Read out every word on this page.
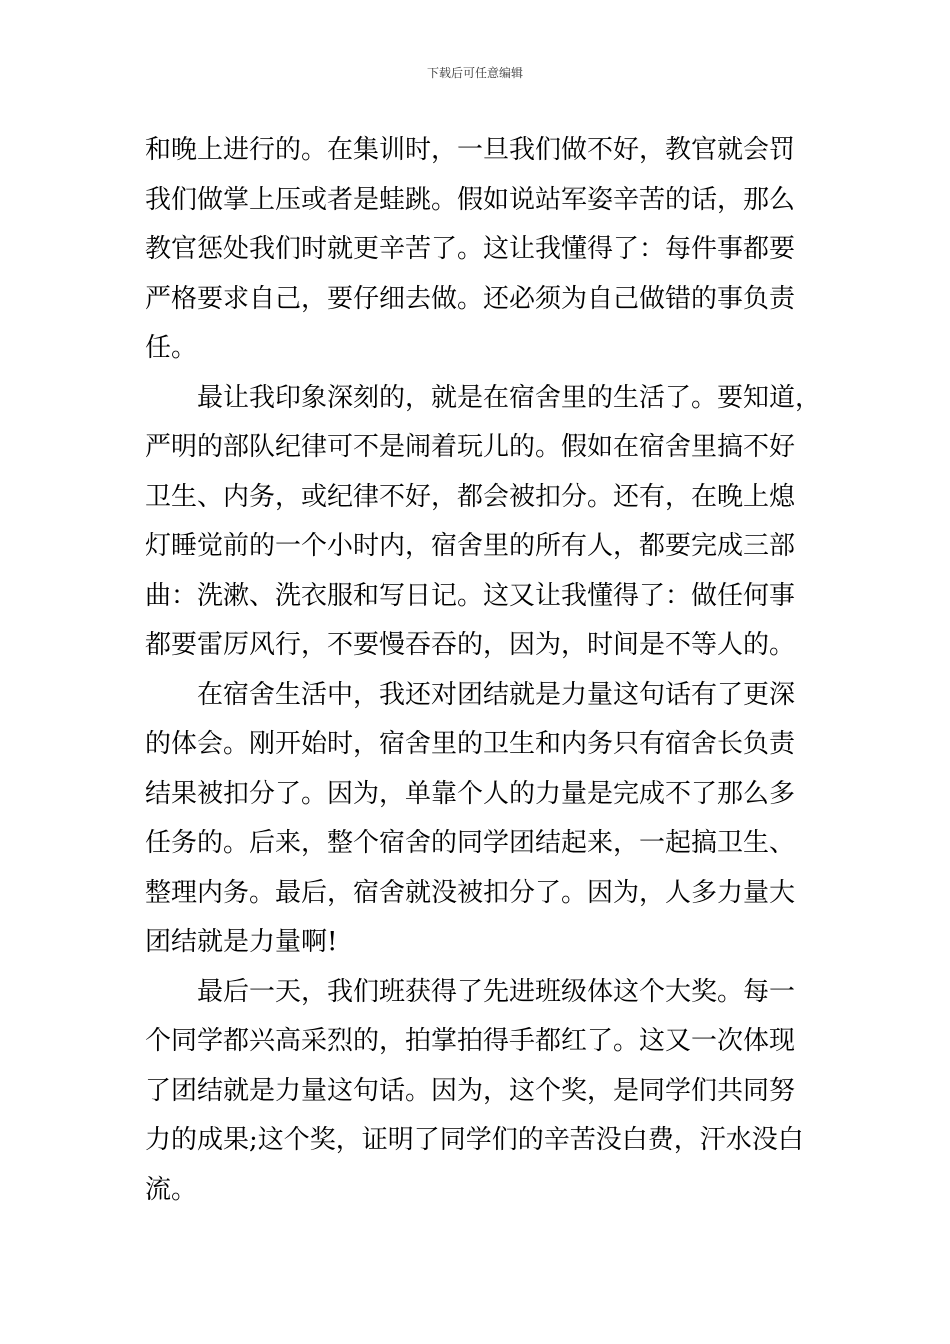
下载后可任意编辑
和晚上进行的。在集训时，一旦我们做不好，教官就会罚
我们做掌上压或者是蛙跳。假如说站军姿辛苦的话，那么
教官惩处我们时就更辛苦了。这让我懂得了：每件事都要
严格要求自己，要仔细去做。还必须为自己做错的事负责
任。
最让我印象深刻的，就是在宿舍里的生活了。要知道，
严明的部队纪律可不是闹着玩儿的。假如在宿舍里搞不好
卫生、内务，或纪律不好，都会被扣分。还有，在晚上熄
灯睡觉前的一个小时内，宿舍里的所有人，都要完成三部
曲：洗漱、洗衣服和写日记。这又让我懂得了：做任何事
都要雷厉风行，不要慢吞吞的，因为，时间是不等人的。
在宿舍生活中，我还对团结就是力量这句话有了更深
的体会。刚开始时，宿舍里的卫生和内务只有宿舍长负责
结果被扣分了。因为，单靠个人的力量是完成不了那么多
任务的。后来，整个宿舍的同学团结起来，一起搞卫生、
整理内务。最后，宿舍就没被扣分了。因为，人多力量大
团结就是力量啊!
最后一天，我们班获得了先进班级体这个大奖。每一
个同学都兴高采烈的，拍掌拍得手都红了。这又一次体现
了团结就是力量这句话。因为，这个奖，是同学们共同努
力的成果;这个奖，证明了同学们的辛苦没白费，汗水没白
流。
